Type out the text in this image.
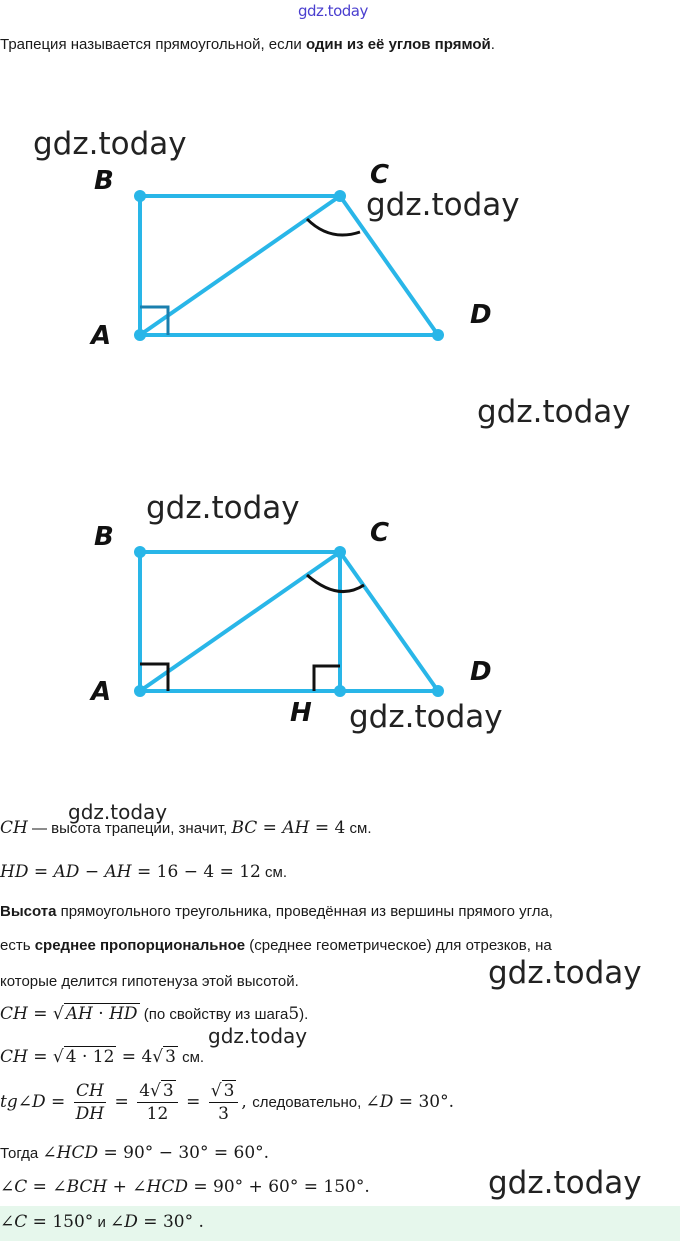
gdz.today
Трапеция называется прямоугольной, если один из её углов прямой.
B	C
A
D
B	C
A
D
H
gdz.today
gdz.today
gdz.today
gdz.today
gdz.today
gdz.today
gdz.today
gdz.today
gdz.today
CH — высота трапеции, значит, BC = AH = 4 см.
HD = AD − AH = 16 − 4 = 12 см.
Высота прямоугольного треугольника, проведённая из вершины прямого угла,
есть среднее пропорциональное (среднее геометрическое) для отрезков, на
которые делится гипотенуза этой высотой.
CH = √ AH · HD (по свойству из шага5).
CH = √ 4 · 12 = 4√ 3 см.
tg∠D = $\frac{CH}{DH} = \frac{4√ 3}{12} = \frac{√ 3}{3}$ , следовательно, ∠D = 30°.
Тогда ∠HCD = 90° − 30° = 60°.
∠C = ∠BCH + ∠HCD = 90° + 60° = 150°.
∠C = 150° и ∠D = 30° .
